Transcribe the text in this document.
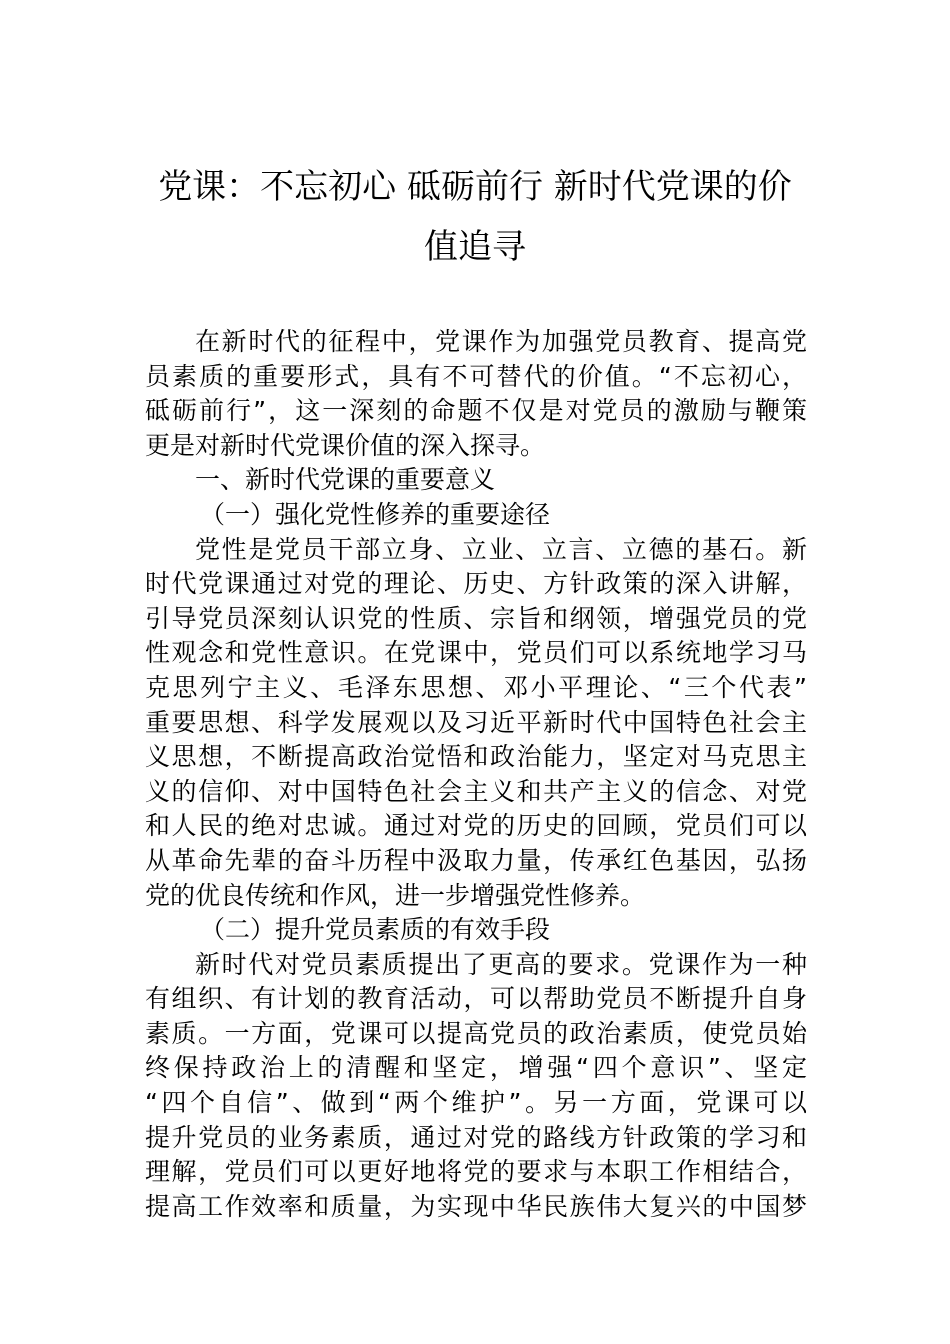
党课：不忘初心 砥砺前行 新时代党课的价
值追寻
在新时代的征程中，党课作为加强党员教育、提高党
员素质的重要形式，具有不可替代的价值。“不忘初心，
砥砺前行”，这一深刻的命题不仅是对党员的激励与鞭策
更是对新时代党课价值的深入探寻。
一、新时代党课的重要意义
（一）强化党性修养的重要途径
党性是党员干部立身、立业、立言、立德的基石。新
时代党课通过对党的理论、历史、方针政策的深入讲解，
引导党员深刻认识党的性质、宗旨和纲领，增强党员的党
性观念和党性意识。在党课中，党员们可以系统地学习马
克思列宁主义、毛泽东思想、邓小平理论、“三个代表”
重要思想、科学发展观以及习近平新时代中国特色社会主
义思想，不断提高政治觉悟和政治能力，坚定对马克思主
义的信仰、对中国特色社会主义和共产主义的信念、对党
和人民的绝对忠诚。通过对党的历史的回顾，党员们可以
从革命先辈的奋斗历程中汲取力量，传承红色基因，弘扬
党的优良传统和作风，进一步增强党性修养。
（二）提升党员素质的有效手段
新时代对党员素质提出了更高的要求。党课作为一种
有组织、有计划的教育活动，可以帮助党员不断提升自身
素质。一方面，党课可以提高党员的政治素质，使党员始
终保持政治上的清醒和坚定，增强“四个意识”、坚定
“四个自信”、做到“两个维护”。另一方面，党课可以
提升党员的业务素质，通过对党的路线方针政策的学习和
理解，党员们可以更好地将党的要求与本职工作相结合，
提高工作效率和质量，为实现中华民族伟大复兴的中国梦
